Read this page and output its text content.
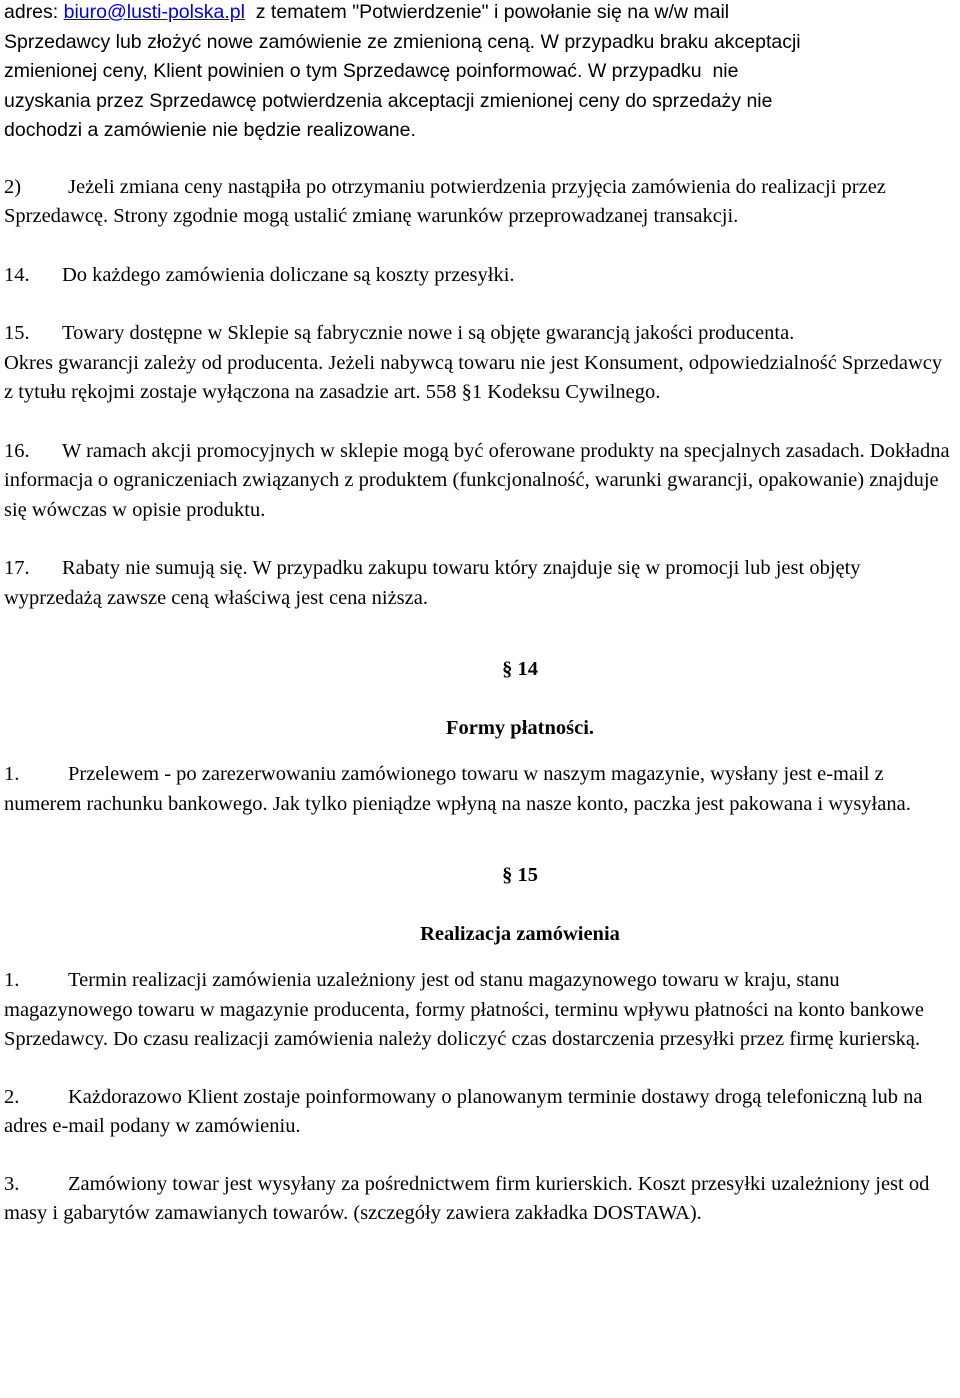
adres: biuro@lusti-polska.pl  z tematem "Potwierdzenie" i powołanie się na w/w mail

Sprzedawcy lub złożyć nowe zamówienie ze zmienioną ceną. W przypadku braku akceptacji

zmienionej ceny, Klient powinien o tym Sprzedawcę poinformować. W przypadku  nie

uzyskania przez Sprzedawcę potwierdzenia akceptacji zmienionej ceny do sprzedaży nie

dochodzi a zamówienie nie będzie realizowane.

2) Jeżeli zmiana ceny nastąpiła po otrzymaniu potwierdzenia przyjęcia zamówienia do realizacji przez Sprzedawcę. Strony zgodnie mogą ustalić zmianę warunków przeprowadzanej transakcji.

14. Do każdego zamówienia doliczane są koszty przesyłki.

15. Towary dostępne w Sklepie są fabrycznie nowe i są objęte gwarancją jakości producenta.

Okres gwarancji zależy od producenta. Jeżeli nabywcą towaru nie jest Konsument, odpowiedzialność Sprzedawcy z tytułu rękojmi zostaje wyłączona na zasadzie art. 558 §1 Kodeksu Cywilnego.

16. W ramach akcji promocyjnych w sklepie mogą być oferowane produkty na specjalnych zasadach. Dokładna informacja o ograniczeniach związanych z produktem (funkcjonalność, warunki gwarancji, opakowanie) znajduje się wówczas w opisie produktu.

17. Rabaty nie sumują się. W przypadku zakupu towaru który znajduje się w promocji lub jest objęty wyprzedażą zawsze ceną właściwą jest cena niższa.

§ 14

Formy płatności.

1. Przelewem - po zarezerwowaniu zamówionego towaru w naszym magazynie, wysłany jest e-mail z numerem rachunku bankowego. Jak tylko pieniądze wpłyną na nasze konto, paczka jest pakowana i wysyłana.

§ 15

Realizacja zamówienia

1. Termin realizacji zamówienia uzależniony jest od stanu magazynowego towaru w kraju, stanu magazynowego towaru w magazynie producenta, formy płatności, terminu wpływu płatności na konto bankowe Sprzedawcy. Do czasu realizacji zamówienia należy doliczyć czas dostarczenia przesyłki przez firmę kurierską.

2. Każdorazowo Klient zostaje poinformowany o planowanym terminie dostawy drogą telefoniczną lub na adres e-mail podany w zamówieniu.

3. Zamówiony towar jest wysyłany za pośrednictwem firm kurierskich. Koszt przesyłki uzależniony jest od masy i gabarytów zamawianych towarów. (szczegóły zawiera zakładka DOSTAWA).
